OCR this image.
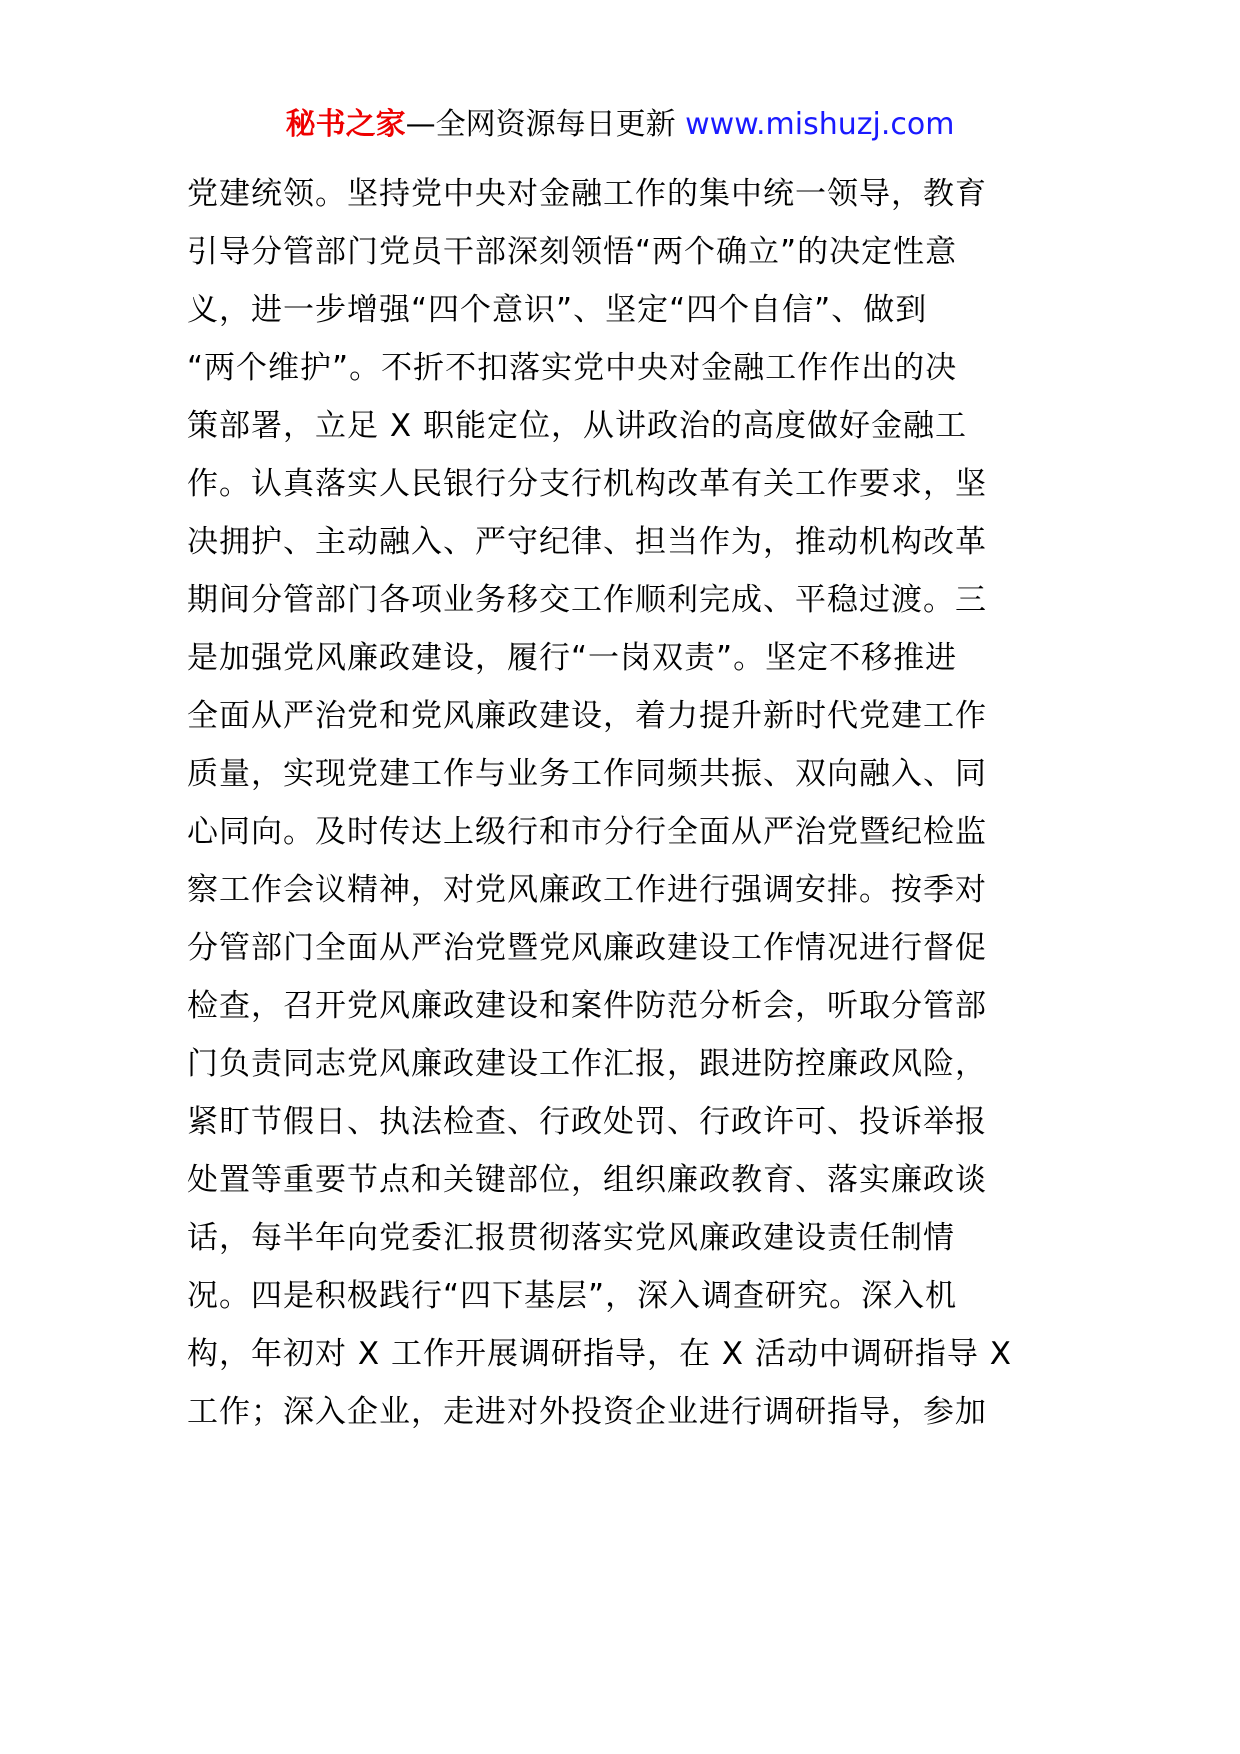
秘书之家—全网资源每日更新 www.mishuzj.com
党建统领。坚持党中央对金融工作的集中统一领导，教育
引导分管部门党员干部深刻领悟“两个确立”的决定性意
义，进一步增强“四个意识”、坚定“四个自信”、做到
“两个维护”。不折不扣落实党中央对金融工作作出的决
策部署，立足 X 职能定位，从讲政治的高度做好金融工
作。认真落实人民银行分支行机构改革有关工作要求，坚
决拥护、主动融入、严守纪律、担当作为，推动机构改革
期间分管部门各项业务移交工作顺利完成、平稳过渡。三
是加强党风廉政建设，履行“一岗双责”。坚定不移推进
全面从严治党和党风廉政建设，着力提升新时代党建工作
质量，实现党建工作与业务工作同频共振、双向融入、同
心同向。及时传达上级行和市分行全面从严治党暨纪检监
察工作会议精神，对党风廉政工作进行强调安排。按季对
分管部门全面从严治党暨党风廉政建设工作情况进行督促
检查，召开党风廉政建设和案件防范分析会，听取分管部
门负责同志党风廉政建设工作汇报，跟进防控廉政风险，
紧盯节假日、执法检查、行政处罚、行政许可、投诉举报
处置等重要节点和关键部位，组织廉政教育、落实廉政谈
话，每半年向党委汇报贯彻落实党风廉政建设责任制情
况。四是积极践行“四下基层”，深入调查研究。深入机
构，年初对 X 工作开展调研指导，在 X 活动中调研指导 X
工作；深入企业，走进对外投资企业进行调研指导，参加
